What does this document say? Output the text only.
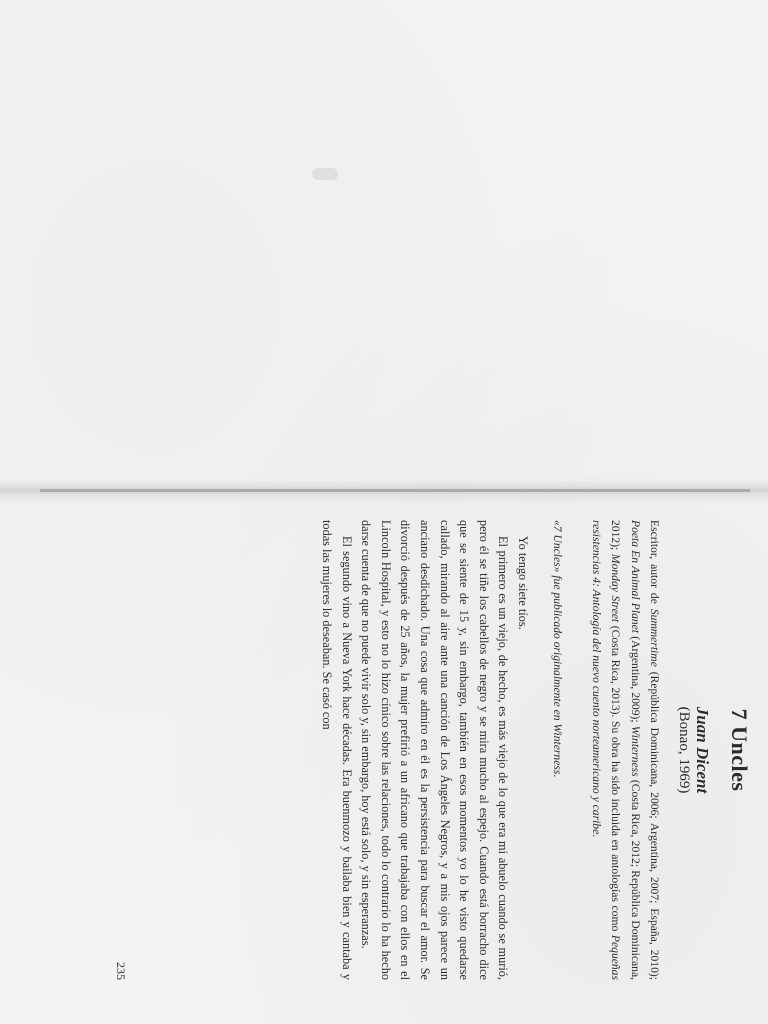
7 Uncles
Juan Dicent
(Bonao, 1969)

Escritor, autor de Summertime (República Dominicana, 2006; Argentina, 2007; España, 2010); Poeta En Animal Planet (Argentina, 2009); Winterness (Costa Rica, 2012; República Dominicana, 2012); Monday Street (Costa Rica, 2013). Su obra ha sido incluida en antologías como Pequeñas resistencias 4: Antología del nuevo cuento norteamericano y caribe.

«7 Uncles» fue publicado originalmente en Winterness.

Yo tengo siete tíos.

El primero es un viejo, de hecho, es más viejo de lo que era mi abuelo cuando se murió, pero él se tiñe los cabellos de negro y se mira mucho al espejo. Cuando está borracho dice que se siente de 15 y, sin embargo, también en esos momentos yo lo he visto quedarse callado, mirando al aire ante una canción de Los Ángeles Negros, y a mis ojos parece un anciano desdichado. Una cosa que admiro en él es la persistencia para buscar el amor. Se divorció después de 25 años, la mujer prefirió a un africano que trabajaba con ellos en el Lincoln Hospital, y esto no lo hizo cínico sobre las relaciones, todo lo contrario lo ha hecho darse cuenta de que no puede vivir solo y, sin embargo, hoy está solo, y sin esperanzas.

El segundo vino a Nueva York hace décadas. Era buenmozo y bailaba bien y cantaba y todas las mujeres lo deseaban. Se casó con

235
